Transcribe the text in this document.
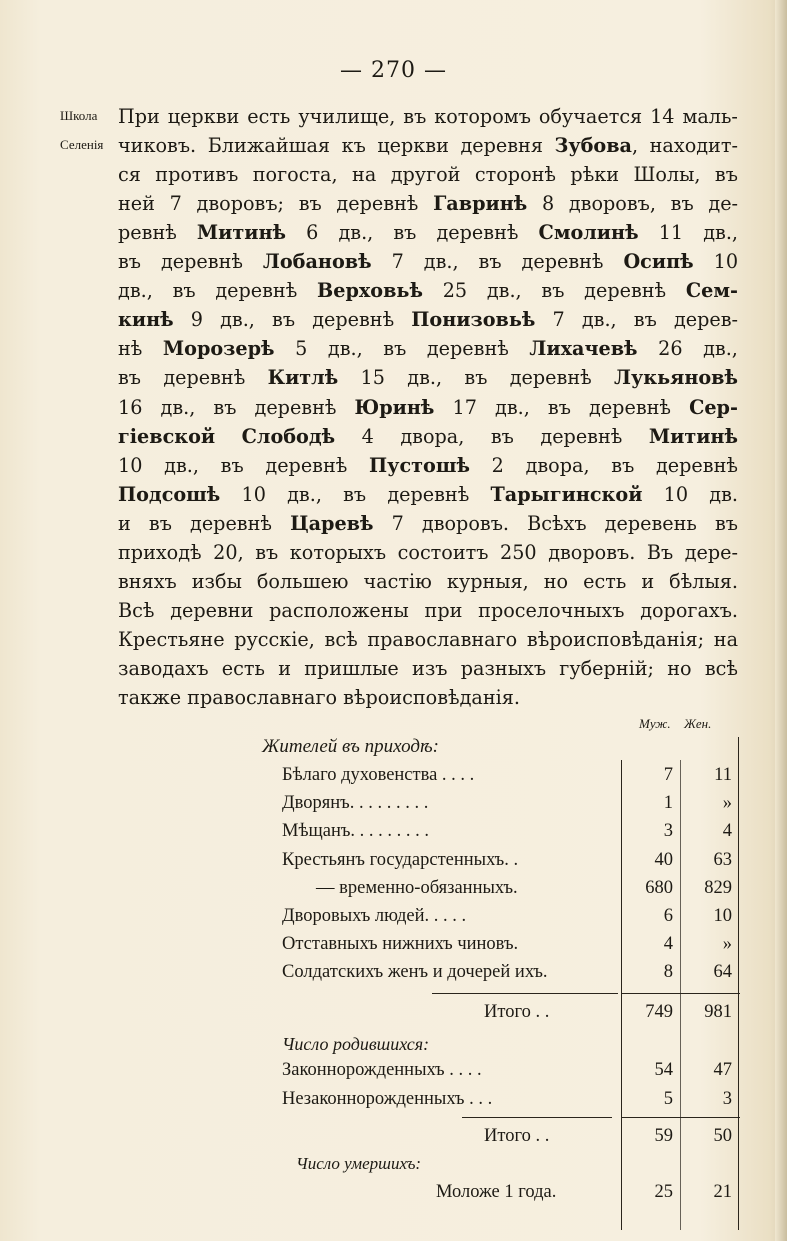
— 270 —
Школа
Селенія
При церкви есть училище, въ которомъ обучается 14 маль-
чиковъ. Ближайшая къ церкви деревня Зубова, находит-
ся противъ погоста, на другой сторонѣ рѣки Шолы, въ
ней 7 дворовъ; въ деревнѣ Гавринѣ 8 дворовъ, въ де-
ревнѣ Митинѣ 6 дв., въ деревнѣ Смолинѣ 11 дв.,
въ деревнѣ Лобановѣ 7 дв., въ деревнѣ Осипѣ 10
дв., въ деревнѣ Верховьѣ 25 дв., въ деревнѣ Сем-
кинѣ 9 дв., въ деревнѣ Понизовьѣ 7 дв., въ дерев-
нѣ Морозерѣ 5 дв., въ деревнѣ Лихачевѣ 26 дв.,
въ деревнѣ Китлѣ 15 дв., въ деревнѣ Лукьяновѣ
16 дв., въ деревнѣ Юринѣ 17 дв., въ деревнѣ Сер-
гіевской Слободѣ 4 двора, въ деревнѣ Митинѣ
10 дв., въ деревнѣ Пустошѣ 2 двора, въ деревнѣ
Подсошѣ 10 дв., въ деревнѣ Тарыгинской 10 дв.
и въ деревнѣ Царевѣ 7 дворовъ. Всѣхъ деревень въ
приходѣ 20, въ которыхъ состоитъ 250 дворовъ. Въ дере-
вняхъ избы большею частію курныя, но есть и бѣлыя.
Всѣ деревни расположены при проселочныхъ дорогахъ.
Крестьяне русскіе, всѣ православнаго вѣроисповѣданія; на
заводахъ есть и пришлые изъ разныхъ губерній; но всѣ
также православнаго вѣроисповѣданія.
Муж. Жен.
Жителей въ приходѣ:
Бѣлаго духовенства . . . .	7	11
Дворянъ. . . . . . . . .	1	»
Мѣщанъ. . . . . . . . .	3	4
Крестьянъ государстенныхъ. .	40	63
— временно-обязанныхъ.	680	829
Дворовыхъ людей. . . . .	6	10
Отставныхъ нижнихъ чиновъ.	4	»
Солдатскихъ женъ и дочерей ихъ.	8	64
Итого . .	749	981
Число родившихся:
Законнорожденныхъ . . . .	54	47
Незаконнорожденныхъ . . .	5	3
Итого . .	59	50
Число умершихъ:
Моложе 1 года.	25	21
